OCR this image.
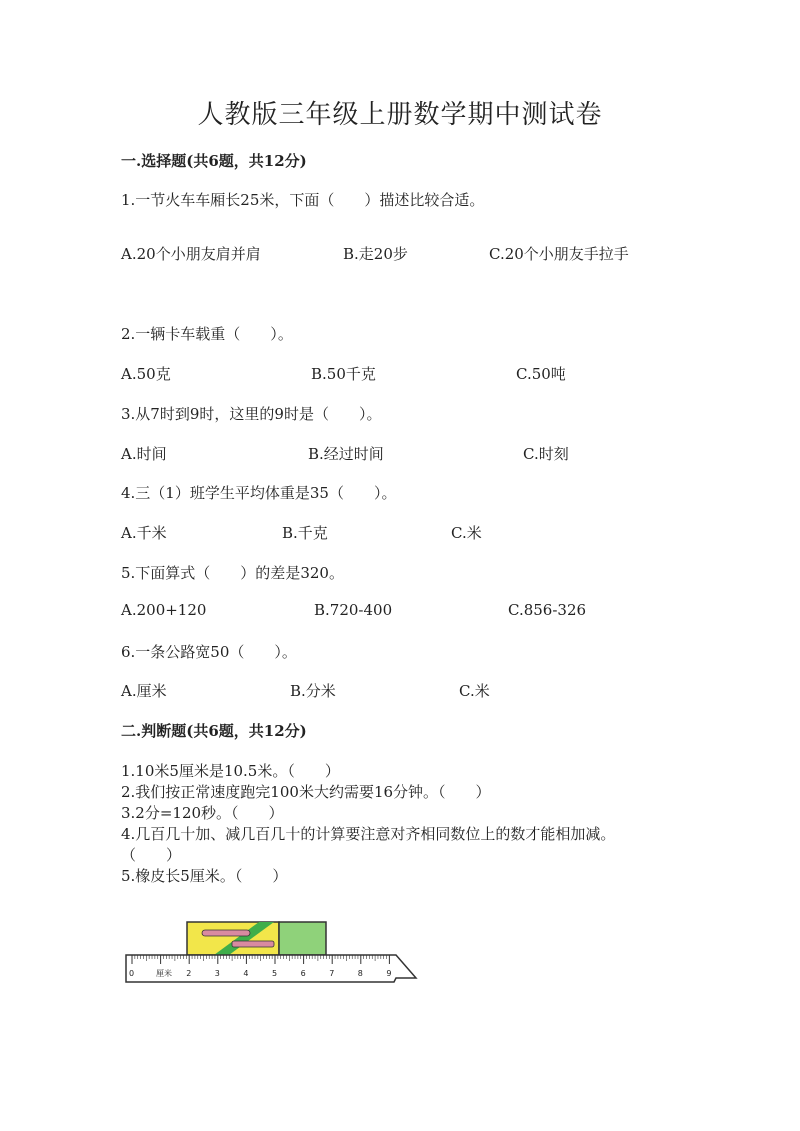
人教版三年级上册数学期中测试卷
一.选择题(共6题，共12分)
1.一节火车车厢长25米，下面（　　）描述比较合适。
A.20个小朋友肩并肩	B.走20步	C.20个小朋友手拉手
2.一辆卡车载重（　　）。
A.50克	B.50千克	C.50吨
3.从7时到9时，这里的9时是（　　）。
A.时间	B.经过时间	C.时刻
4.三（1）班学生平均体重是35（　　）。
A.千米	B.千克	C.米
5.下面算式（　　）的差是320。
A.200+120	B.720-400	C.856-326
6.一条公路宽50（　　）。
A.厘米	B.分米	C.米
二.判断题(共6题，共12分)
1.10米5厘米是10.5米。（　　）
2.我们按正常速度跑完100米大约需要16分钟。（　　）
3.2分=120秒。（　　）
4.几百几十加、减几百几十的计算要注意对齐相同数位上的数才能相加减。
（　　）
5.橡皮长5厘米。（　　）
厘米
0	2	3	4	5	6	7	8	9
